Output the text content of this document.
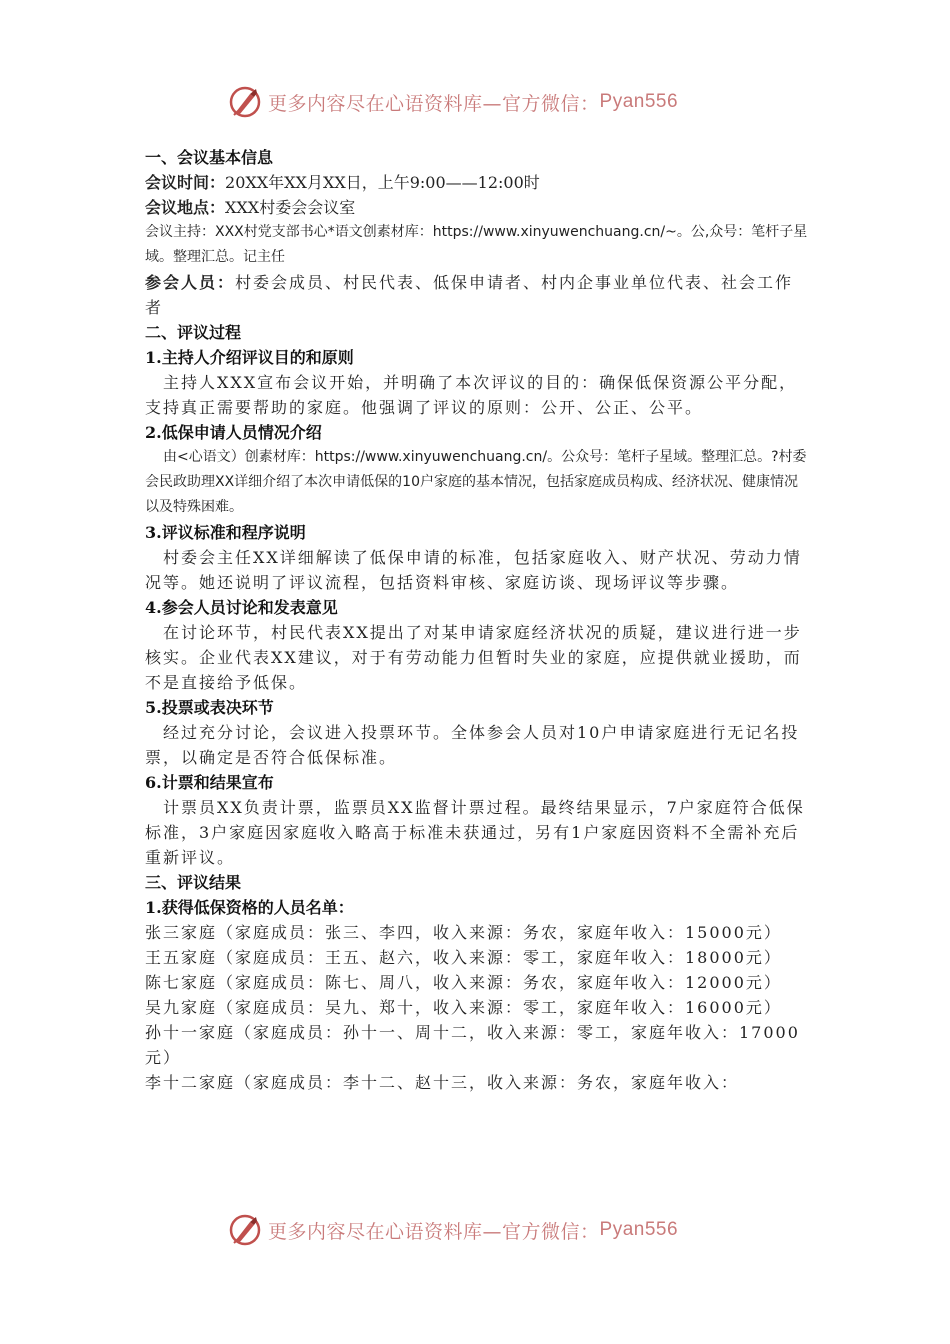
更多内容尽在心语资料库—官方微信： Pyan556

一、会议基本信息

会议时间：20XX年XX月XX日，上午9:00——12:00时

会议地点：XXX村委会会议室

会议主持：XXX村党支部书心*语文创素材库：https://www.xinyuwenchuang.cn/~。公,众号：笔杆子星域。整理汇总。记主任

参会人员：村委会成员、村民代表、低保申请者、村内企事业单位代表、社会工作者

二、评议过程

1.主持人介绍评议目的和原则

主持人XXX宣布会议开始，并明确了本次评议的目的：确保低保资源公平分配，支持真正需要帮助的家庭。他强调了评议的原则：公开、公正、公平。

2.低保申请人员情况介绍

由<心语文）创素材库：https://www.xinyuwenchuang.cn/。公众号：笔杆子星域。整理汇总。?村委会民政助理XX详细介绍了本次申请低保的10户家庭的基本情况，包括家庭成员构成、经济状况、健康情况以及特殊困难。

3.评议标准和程序说明

村委会主任XX详细解读了低保申请的标准，包括家庭收入、财产状况、劳动力情况等。她还说明了评议流程，包括资料审核、家庭访谈、现场评议等步骤。

4.参会人员讨论和发表意见

在讨论环节，村民代表XX提出了对某申请家庭经济状况的质疑，建议进行进一步核实。企业代表XX建议，对于有劳动能力但暂时失业的家庭，应提供就业援助，而不是直接给予低保。

5.投票或表决环节

经过充分讨论，会议进入投票环节。全体参会人员对10户申请家庭进行无记名投票，以确定是否符合低保标准。

6.计票和结果宣布

计票员XX负责计票，监票员XX监督计票过程。最终结果显示，7户家庭符合低保标准，3户家庭因家庭收入略高于标准未获通过，另有1户家庭因资料不全需补充后重新评议。

三、评议结果

1.获得低保资格的人员名单：

张三家庭（家庭成员：张三、李四，收入来源：务农，家庭年收入：15000元）

王五家庭（家庭成员：王五、赵六，收入来源：零工，家庭年收入：18000元）

陈七家庭（家庭成员：陈七、周八，收入来源：务农，家庭年收入：12000元）

吴九家庭（家庭成员：吴九、郑十，收入来源：零工，家庭年收入：16000元）

孙十一家庭（家庭成员：孙十一、周十二，收入来源：零工，家庭年收入：17000元）

李十二家庭（家庭成员：李十二、赵十三，收入来源：务农，家庭年收入：

更多内容尽在心语资料库—官方微信： Pyan556
